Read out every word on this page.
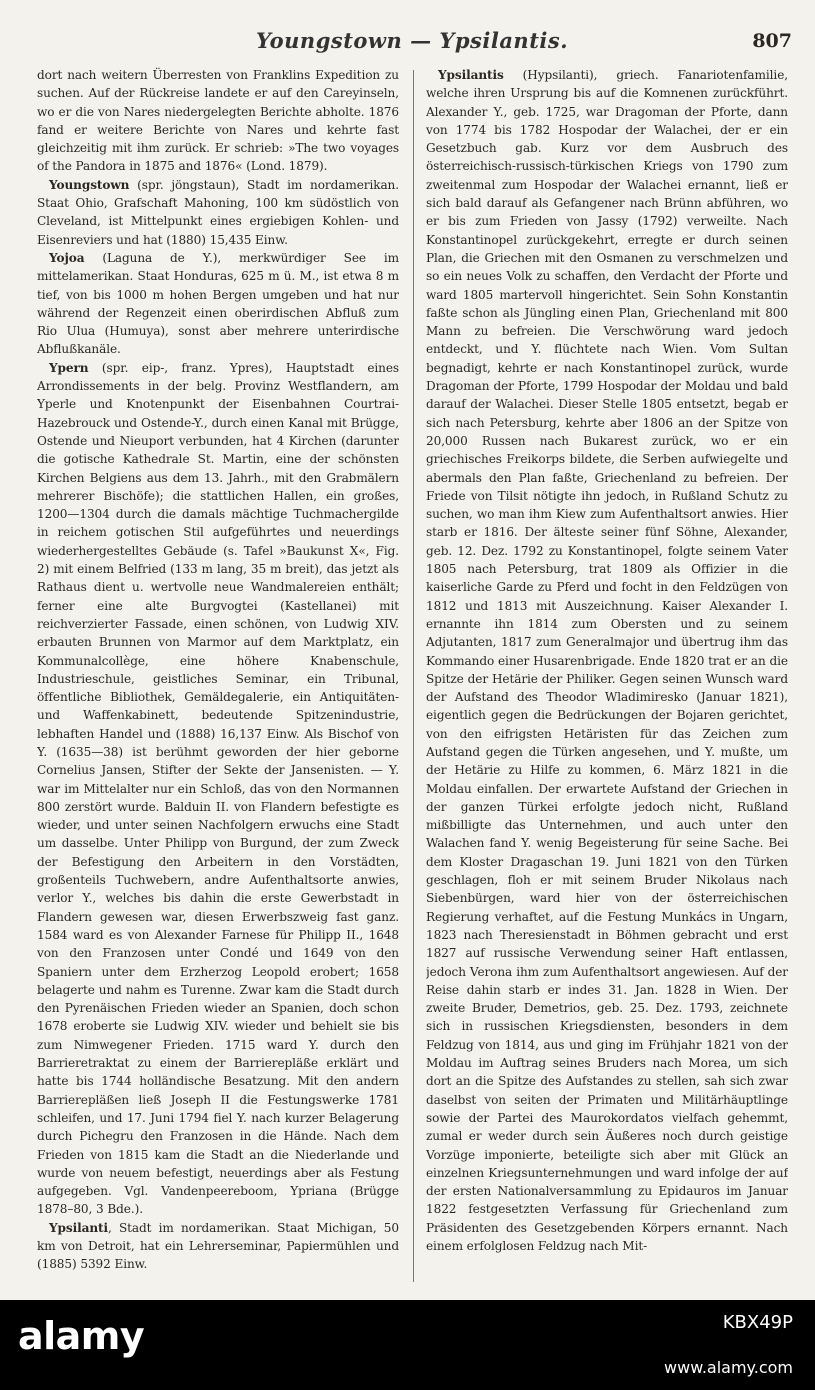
Youngstown — Ypsilantis.	807

dort nach weitern Überresten von Franklins Expedition zu suchen. Auf der Rückreise landete er auf den Careyinseln, wo er die von Nares niedergelegten Berichte abholte. 1876 fand er weitere Berichte von Nares und kehrte fast gleichzeitig mit ihm zurück. Er schrieb: »The two voyages of the Pandora in 1875 and 1876« (Lond. 1879).

Youngstown (spr. jöngstaun), Stadt im nordamerikan. Staat Ohio, Grafschaft Mahoning, 100 km südöstlich von Cleveland, ist Mittelpunkt eines ergiebigen Kohlen- und Eisenreviers und hat (1880) 15,435 Einw.

Yojoa (Laguna de Y.), merkwürdiger See im mittelamerikan. Staat Honduras, 625 m ü. M., ist etwa 8 m tief, von bis 1000 m hohen Bergen umgeben und hat nur während der Regenzeit einen oberirdischen Abfluß zum Rio Ulua (Humuya), sonst aber mehrere unterirdische Abflußkanäle.

Ypern (spr. eip-, franz. Ypres), Hauptstadt eines Arrondissements in der belg. Provinz Westflandern, am Yperle und Knotenpunkt der Eisenbahnen Courtrai-Hazebrouck und Ostende-Y., durch einen Kanal mit Brügge, Ostende und Nieuport verbunden, hat 4 Kirchen (darunter die gotische Kathedrale St. Martin, eine der schönsten Kirchen Belgiens aus dem 13. Jahrh., mit den Grabmälern mehrerer Bischöfe); die stattlichen Hallen, ein großes, 1200—1304 durch die damals mächtige Tuchmachergilde in reichem gotischen Stil aufgeführtes und neuerdings wiederhergestelltes Gebäude (s. Tafel »Baukunst X«, Fig. 2) mit einem Belfried (133 m lang, 35 m breit), das jetzt als Rathaus dient u. wertvolle neue Wandmalereien enthält; ferner eine alte Burgvogtei (Kastellanei) mit reichverzierter Fassade, einen schönen, von Ludwig XIV. erbauten Brunnen von Marmor auf dem Marktplatz, ein Kommunalcollège, eine höhere Knabenschule, Industrieschule, geistliches Seminar, ein Tribunal, öffentliche Bibliothek, Gemäldegalerie, ein Antiquitäten- und Waffenkabinett, bedeutende Spitzenindustrie, lebhaften Handel und (1888) 16,137 Einw. Als Bischof von Y. (1635—38) ist berühmt geworden der hier geborne Cornelius Jansen, Stifter der Sekte der Jansenisten. — Y. war im Mittelalter nur ein Schloß, das von den Normannen 800 zerstört wurde. Balduin II. von Flandern befestigte es wieder, und unter seinen Nachfolgern erwuchs eine Stadt um dasselbe. Unter Philipp von Burgund, der zum Zweck der Befestigung den Arbeitern in den Vorstädten, großenteils Tuchwebern, andre Aufenthaltsorte anwies, verlor Y., welches bis dahin die erste Gewerbstadt in Flandern gewesen war, diesen Erwerbszweig fast ganz. 1584 ward es von Alexander Farnese für Philipp II., 1648 von den Franzosen unter Condé und 1649 von den Spaniern unter dem Erzherzog Leopold erobert; 1658 belagerte und nahm es Turenne. Zwar kam die Stadt durch den Pyrenäischen Frieden wieder an Spanien, doch schon 1678 eroberte sie Ludwig XIV. wieder und behielt sie bis zum Nimwegener Frieden. 1715 ward Y. durch den Barrieretraktat zu einem der Barrierepläße erklärt und hatte bis 1744 holländische Besatzung. Mit den andern Barrierepläßen ließ Joseph II die Festungswerke 1781 schleifen, und 17. Juni 1794 fiel Y. nach kurzer Belagerung durch Pichegru den Franzosen in die Hände. Nach dem Frieden von 1815 kam die Stadt an die Niederlande und wurde von neuem befestigt, neuerdings aber als Festung aufgegeben. Vgl. Vandenpeereboom, Ypriana (Brügge 1878–80, 3 Bde.).

Ypsilanti, Stadt im nordamerikan. Staat Michigan, 50 km von Detroit, hat ein Lehrerseminar, Papiermühlen und (1885) 5392 Einw.

Ypsilantis (Hypsilanti), griech. Fanariotenfamilie, welche ihren Ursprung bis auf die Komnenen zurückführt. Alexander Y., geb. 1725, war Dragoman der Pforte, dann von 1774 bis 1782 Hospodar der Walachei, der er ein Gesetzbuch gab. Kurz vor dem Ausbruch des österreichisch-russisch-türkischen Kriegs von 1790 zum zweitenmal zum Hospodar der Walachei ernannt, ließ er sich bald darauf als Gefangener nach Brünn abführen, wo er bis zum Frieden von Jassy (1792) verweilte. Nach Konstantinopel zurückgekehrt, erregte er durch seinen Plan, die Griechen mit den Osmanen zu verschmelzen und so ein neues Volk zu schaffen, den Verdacht der Pforte und ward 1805 martervoll hingerichtet. Sein Sohn Konstantin faßte schon als Jüngling einen Plan, Griechenland mit 800 Mann zu befreien. Die Verschwörung ward jedoch entdeckt, und Y. flüchtete nach Wien. Vom Sultan begnadigt, kehrte er nach Konstantinopel zurück, wurde Dragoman der Pforte, 1799 Hospodar der Moldau und bald darauf der Walachei. Dieser Stelle 1805 entsetzt, begab er sich nach Petersburg, kehrte aber 1806 an der Spitze von 20,000 Russen nach Bukarest zurück, wo er ein griechisches Freikorps bildete, die Serben aufwiegelte und abermals den Plan faßte, Griechenland zu befreien. Der Friede von Tilsit nötigte ihn jedoch, in Rußland Schutz zu suchen, wo man ihm Kiew zum Aufenthaltsort anwies. Hier starb er 1816. Der älteste seiner fünf Söhne, Alexander, geb. 12. Dez. 1792 zu Konstantinopel, folgte seinem Vater 1805 nach Petersburg, trat 1809 als Offizier in die kaiserliche Garde zu Pferd und focht in den Feldzügen von 1812 und 1813 mit Auszeichnung. Kaiser Alexander I. ernannte ihn 1814 zum Obersten und zu seinem Adjutanten, 1817 zum Generalmajor und übertrug ihm das Kommando einer Husarenbrigade. Ende 1820 trat er an die Spitze der Hetärie der Philiker. Gegen seinen Wunsch ward der Aufstand des Theodor Wladimiresko (Januar 1821), eigentlich gegen die Bedrückungen der Bojaren gerichtet, von den eifrigsten Hetäristen für das Zeichen zum Aufstand gegen die Türken angesehen, und Y. mußte, um der Hetärie zu Hilfe zu kommen, 6. März 1821 in die Moldau einfallen. Der erwartete Aufstand der Griechen in der ganzen Türkei erfolgte jedoch nicht, Rußland mißbilligte das Unternehmen, und auch unter den Walachen fand Y. wenig Begeisterung für seine Sache. Bei dem Kloster Dragaschan 19. Juni 1821 von den Türken geschlagen, floh er mit seinem Bruder Nikolaus nach Siebenbürgen, ward hier von der österreichischen Regierung verhaftet, auf die Festung Munkács in Ungarn, 1823 nach Theresienstadt in Böhmen gebracht und erst 1827 auf russische Verwendung seiner Haft entlassen, jedoch Verona ihm zum Aufenthaltsort angewiesen. Auf der Reise dahin starb er indes 31. Jan. 1828 in Wien. Der zweite Bruder, Demetrios, geb. 25. Dez. 1793, zeichnete sich in russischen Kriegsdiensten, besonders in dem Feldzug von 1814, aus und ging im Frühjahr 1821 von der Moldau im Auftrag seines Bruders nach Morea, um sich dort an die Spitze des Aufstandes zu stellen, sah sich zwar daselbst von seiten der Primaten und Militärhäuptlinge sowie der Partei des Maurokordatos vielfach gehemmt, zumal er weder durch sein Äußeres noch durch geistige Vorzüge imponierte, beteiligte sich aber mit Glück an einzelnen Kriegsunternehmungen und ward infolge der auf der ersten Nationalversammlung zu Epidauros im Januar 1822 festgesetzten Verfassung für Griechenland zum Präsidenten des Gesetzgebenden Körpers ernannt. Nach einem erfolglosen Feldzug nach Mit-

alamy	KBX49P
www.alamy.com
